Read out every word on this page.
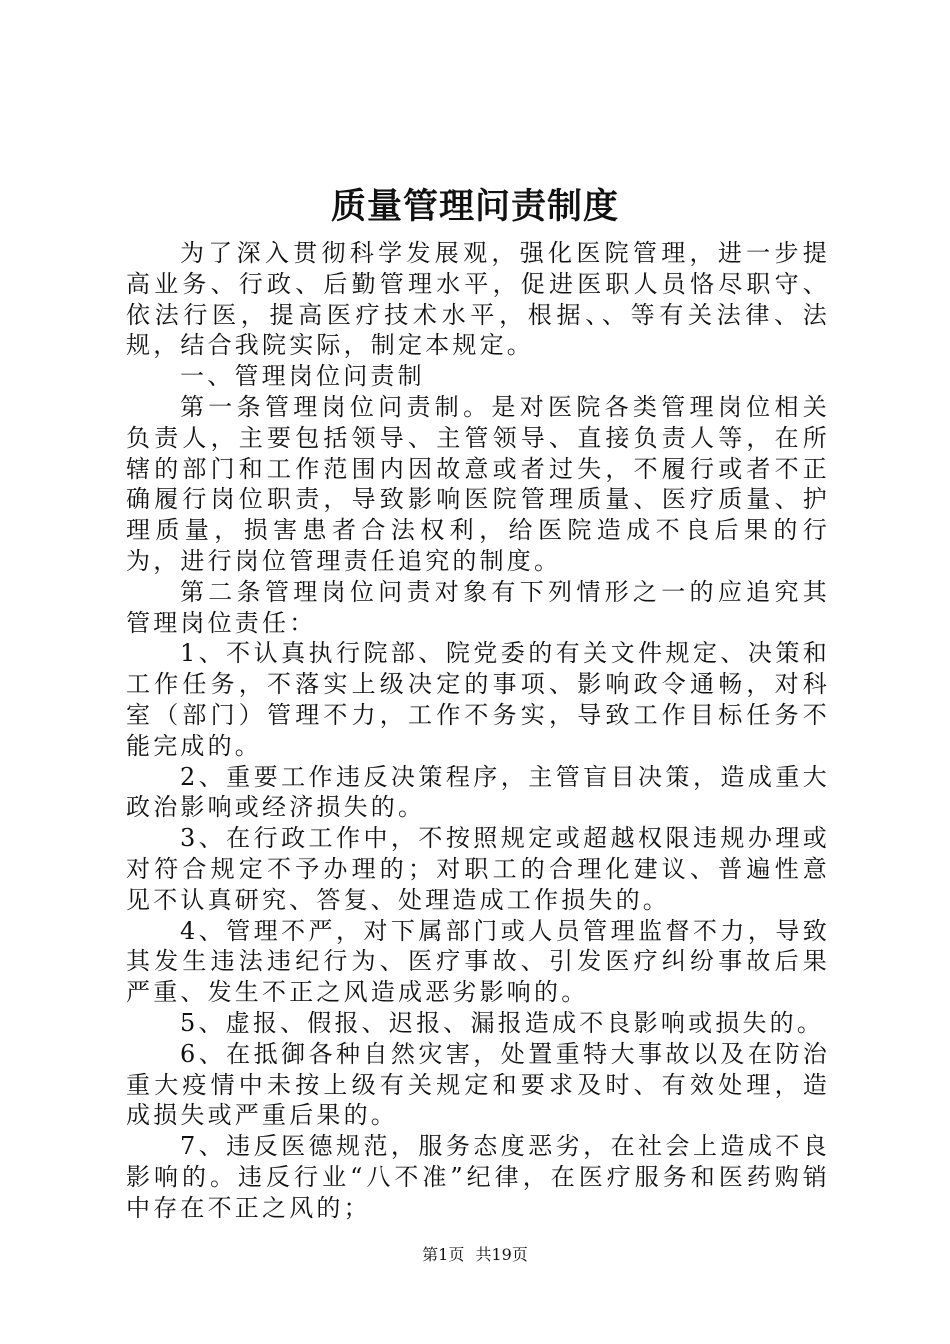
质量管理问责制度

为了深入贯彻科学发展观，强化医院管理，进一步提高业务、行政、后勤管理水平，促进医职人员恪尽职守、依法行医，提高医疗技术水平，根据、、等有关法律、法规，结合我院实际，制定本规定。

一、管理岗位问责制

第一条管理岗位问责制。是对医院各类管理岗位相关负责人，主要包括领导、主管领导、直接负责人等，在所辖的部门和工作范围内因故意或者过失，不履行或者不正确履行岗位职责，导致影响医院管理质量、医疗质量、护理质量，损害患者合法权利，给医院造成不良后果的行为，进行岗位管理责任追究的制度。

第二条管理岗位问责对象有下列情形之一的应追究其管理岗位责任：

1、不认真执行院部、院党委的有关文件规定、决策和工作任务，不落实上级决定的事项、影响政令通畅，对科室（部门）管理不力，工作不务实，导致工作目标任务不能完成的。

2、重要工作违反决策程序，主管盲目决策，造成重大政治影响或经济损失的。

3、在行政工作中，不按照规定或超越权限违规办理或对符合规定不予办理的；对职工的合理化建议、普遍性意见不认真研究、答复、处理造成工作损失的。

4、管理不严，对下属部门或人员管理监督不力，导致其发生违法违纪行为、医疗事故、引发医疗纠纷事故后果严重、发生不正之风造成恶劣影响的。

5、虚报、假报、迟报、漏报造成不良影响或损失的。

6、在抵御各种自然灾害，处置重特大事故以及在防治重大疫情中未按上级有关规定和要求及时、有效处理，造成损失或严重后果的。

7、违反医德规范，服务态度恶劣，在社会上造成不良影响的。违反行业“八不准”纪律，在医疗服务和医药购销中存在不正之风的；

第1页 共19页
